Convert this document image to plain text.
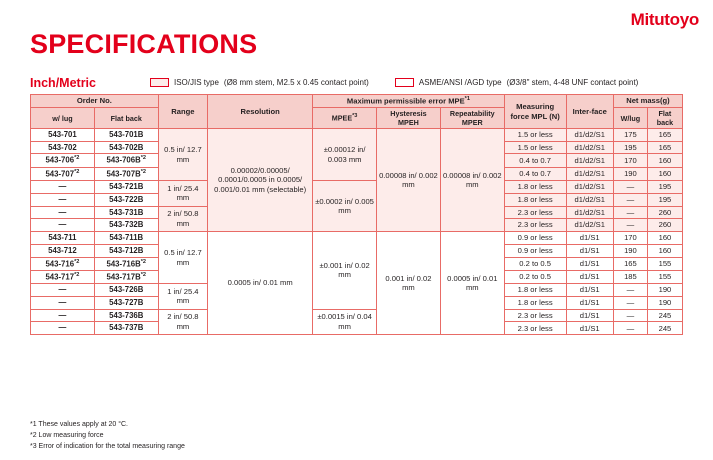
Mitutoyo
SPECIFICATIONS
Inch/Metric	ISO/JIS type (Ø8 mm stem, M2.5 x 0.45 contact point)	ASME/ANSI /AGD type (Ø3/8" stem, 4-48 UNF contact point)
Order No.		Range	Resolution	Maximum permissible error MPE$^{*1}$			Measuring force MPL (N)	Inter-face	Net mass(g)	
w/ lug	Flat back			MPEE$^{*3}$	Hysteresis MPEH	Repeatability MPER			W/lug	Flat back
543-701	543-701B	0.5 in/ 12.7 mm	0.00002/0.00005/ 0.0001/0.0005 in 0.0005/ 0.001/0.01 mm (selectable)	±0.00012 in/ 0.003 mm	0.00008 in/ 0.002 mm	0.00008 in/ 0.002 mm	1.5 or less	d1/d2/S1	175	165
543-702	543-702B						1.5 or less	d1/d2/S1	195	165
543-706$^{*2}$	$543-706B^{*2}$						0.4 to 0.7	d1/d2/S1	170	160
543-707$^{*2}$	$543-707B^{*2}$						0.4 to 0.7	d1/d2/S1	190	160
—	543-721B	1 in/ 25.4 mm		±0.0002 in/ 0.005 mm			1.8 or less	d1/d2/S1	—	195
—	543-722B						1.8 or less	d1/d2/S1	—	195
—	543-731B	2 in/ 50.8 mm					2.3 or less	d1/d2/S1	—	260
—	543-732B						2.3 or less	d1/d2/S1	—	260
543-711	543-711B	0.5 in/ 12.7 mm	0.0005 in/ 0.01 mm	±0.001 in/ 0.02 mm	0.001 in/ 0.02 mm	0.0005 in/ 0.01 mm	0.9 or less	d1/S1	170	160
543-712	543-712B						0.9 or less	d1/S1	190	160
543-716$^{*2}$	$543-716B^{*2}$						0.2 to 0.5	d1/S1	165	155
543-717$^{*2}$	$543-717B^{*2}$						0.2 to 0.5	d1/S1	185	155
—	543-726B	1 in/ 25.4 mm					1.8 or less	d1/S1	—	190
—	543-727B						1.8 or less	d1/S1	—	190
—	543-736B	2 in/ 50.8 mm		±0.0015 in/ 0.04 mm			2.3 or less	d1/S1	—	245
—	543-737B						2.3 or less	d1/S1	—	245
*1 These values apply at 20 °C.
*2 Low measuring force
*3 Error of indication for the total measuring range
